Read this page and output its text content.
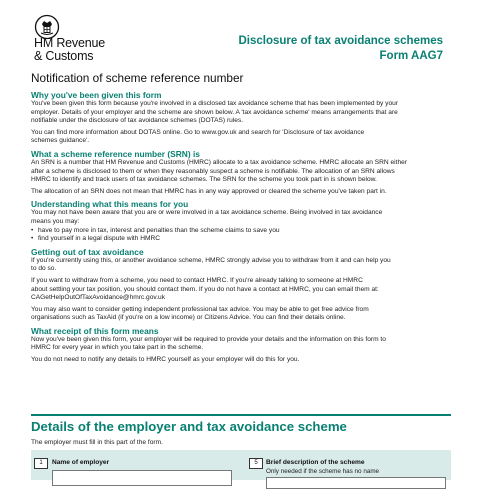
HM Revenue
& Customs
Disclosure of tax avoidance schemes
Form AAG7
Notification of scheme reference number
Why you've been given this form

You've been given this form because you're involved in a disclosed tax avoidance scheme that has been implemented by your
employer. Details of your employer and the scheme are shown below. A 'tax avoidance scheme' means arrangements that are
notifiable under the disclosure of tax avoidance schemes (DOTAS) rules.

You can find more information about DOTAS online. Go to www.gov.uk and search for 'Disclosure of tax avoidance
schemes guidance'.

What a scheme reference number (SRN) is

An SRN is a number that HM Revenue and Customs (HMRC) allocate to a tax avoidance scheme. HMRC allocate an SRN either
after a scheme is disclosed to them or when they reasonably suspect a scheme is notifiable. The allocation of an SRN allows
HMRC to identify and track users of tax avoidance schemes. The SRN for the scheme you took part in is shown below.

The allocation of an SRN does not mean that HMRC has in any way approved or cleared the scheme you've taken part in.

Understanding what this means for you

You may not have been aware that you are or were involved in a tax avoidance scheme. Being involved in tax avoidance
means you may:

• have to pay more in tax, interest and penalties than the scheme claims to save you
• find yourself in a legal dispute with HMRC
Getting out of tax avoidance

If you're currently using this, or another avoidance scheme, HMRC strongly advise you to withdraw from it and can help you
to do so.

If you want to withdraw from a scheme, you need to contact HMRC. If you're already talking to someone at HMRC
about settling your tax position, you should contact them. If you do not have a contact at HMRC, you can email them at:
CAGetHelpOutOfTaxAvoidance@hmrc.gov.uk

You may also want to consider getting independent professional tax advice. You may be able to get free advice from
organisations such as TaxAid (if you're on a low income) or Citizens Advice. You can find their details online.

What receipt of this form means

Now you've been given this form, your employer will be required to provide your details and the information on this form to
HMRC for every year in which you take part in the scheme.

You do not need to notify any details to HMRC yourself as your employer will do this for you.

Details of the employer and tax avoidance scheme
The employer must fill in this part of the form.
1	Name of employer	5	Brief description of the scheme
Only needed if the scheme has no name
